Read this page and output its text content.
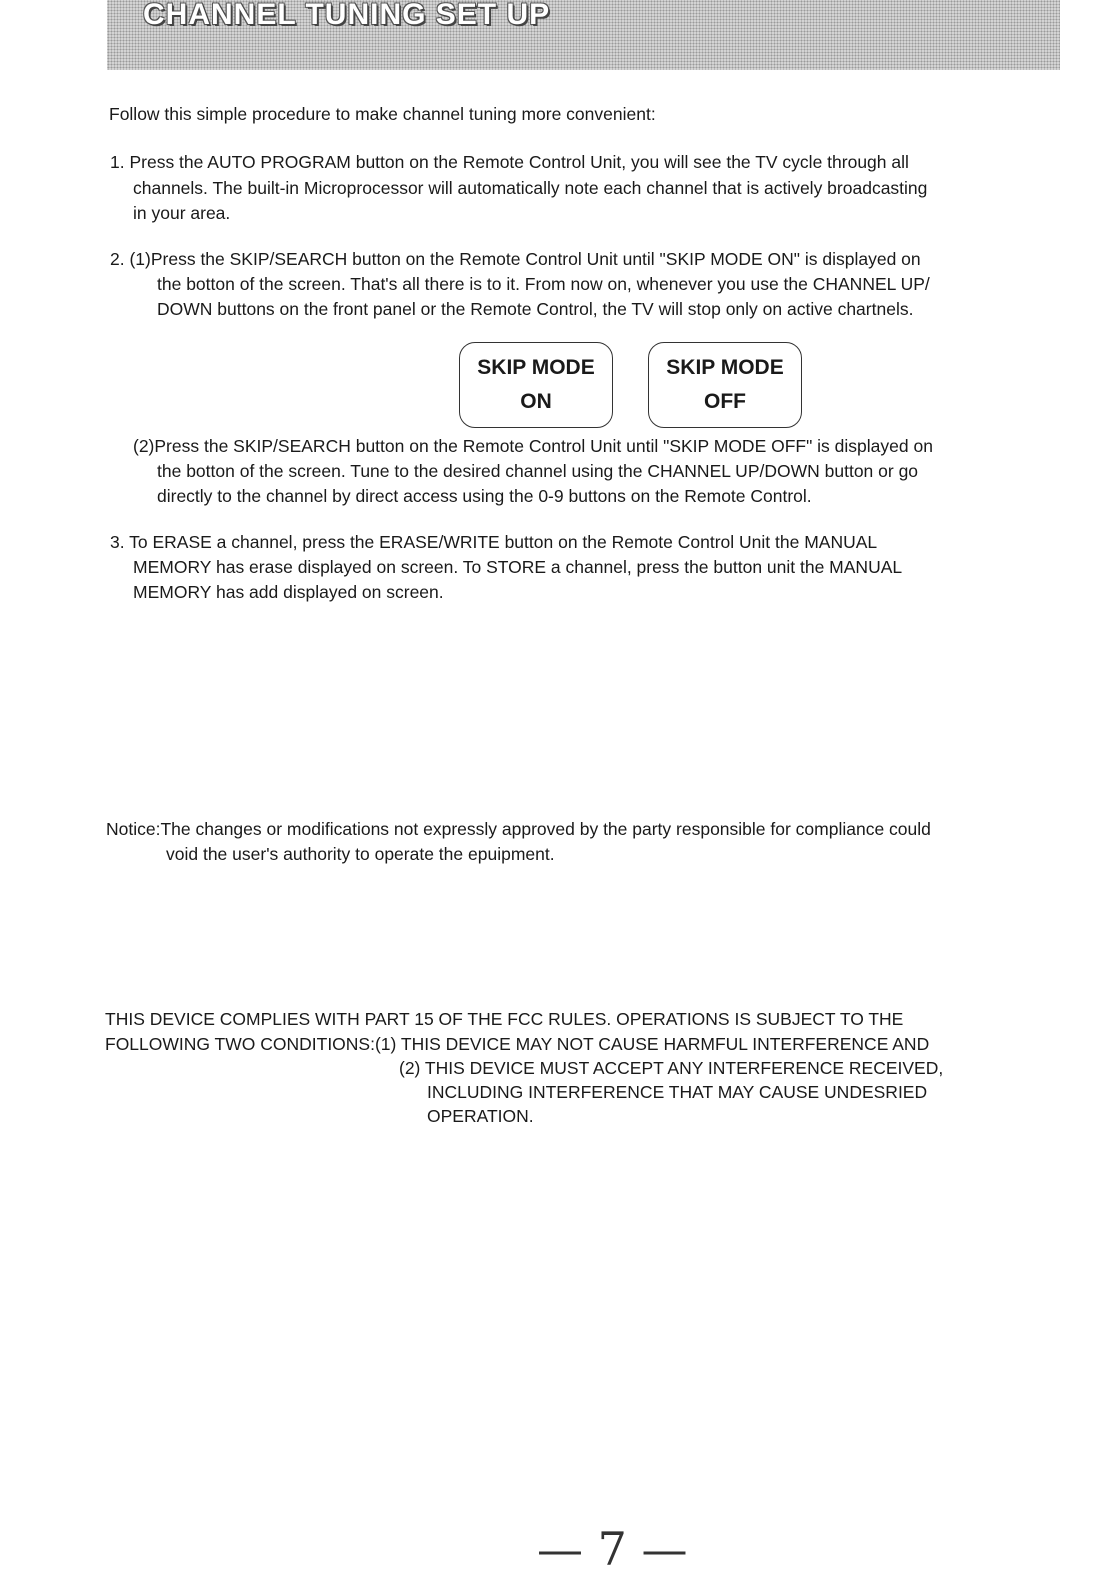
CHANNEL TUNING SET UP
Follow this simple procedure to make channel tuning more convenient:
1. Press the AUTO PROGRAM button on the Remote Control Unit, you will see the TV cycle through all
channels. The built-in Microprocessor will automatically note each channel that is actively broadcasting
in your area.
2. (1)Press the SKIP/SEARCH button on the Remote Control Unit until "SKIP MODE ON" is displayed on
the botton of the screen. That's all there is to it. From now on, whenever you use the CHANNEL UP/
DOWN buttons on the front panel or the Remote Control, the TV will stop only on active chartnels.
SKIP MODE
ON
SKIP MODE
OFF
(2)Press the SKIP/SEARCH button on the Remote Control Unit until "SKIP MODE OFF" is displayed on
the botton of the screen. Tune to the desired channel using the CHANNEL UP/DOWN button or go
directly to the channel by direct access using the 0-9 buttons on the Remote Control.
3. To ERASE a channel, press the ERASE/WRITE button on the Remote Control Unit the MANUAL
MEMORY has erase displayed on screen. To STORE a channel, press the button unit the MANUAL
MEMORY has add displayed on screen.
Notice:The changes or modifications not expressly approved by the party responsible for compliance could
void the user's authority to operate the epuipment.
THIS DEVICE COMPLIES WITH PART 15 OF THE FCC RULES. OPERATIONS IS SUBJECT TO THE
FOLLOWING TWO CONDITIONS:(1) THIS DEVICE MAY NOT CAUSE HARMFUL INTERFERENCE AND
(2) THIS DEVICE MUST ACCEPT ANY INTERFERENCE RECEIVED,
INCLUDING INTERFERENCE THAT MAY CAUSE UNDESRIED
OPERATION.
— 7 —
